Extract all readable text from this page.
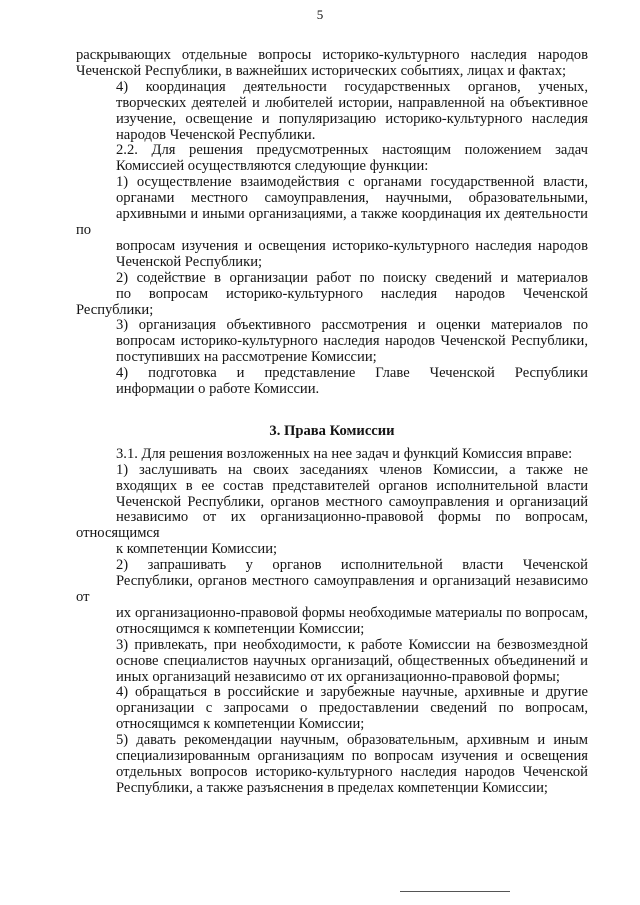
5
раскрывающих отдельные вопросы историко-культурного наследия народов
Чеченской Республики, в важнейших исторических событиях, лицах и фактах;
4) координация деятельности государственных органов, ученых,
творческих деятелей и любителей истории, направленной на объективное
изучение, освещение и популяризацию историко-культурного наследия
народов Чеченской Республики.
2.2. Для решения предусмотренных настоящим положением задач
Комиссией осуществляются следующие функции:
1) осуществление взаимодействия с органами государственной власти,
органами местного самоуправления, научными, образовательными,
архивными и иными организациями, а также координация их деятельности по
вопросам изучения и освещения историко-культурного наследия народов
Чеченской Республики;
2) содействие в организации работ по поиску сведений и материалов
по вопросам историко-культурного наследия народов Чеченской Республики;
3) организация объективного рассмотрения и оценки материалов по
вопросам историко-культурного наследия народов Чеченской Республики,
поступивших на рассмотрение Комиссии;
4) подготовка и представление Главе Чеченской Республики
информации о работе Комиссии.
3. Права Комиссии
3.1. Для решения возложенных на нее задач и функций Комиссия вправе:
1) заслушивать на своих заседаниях членов Комиссии, а также не
входящих в ее состав представителей органов исполнительной власти
Чеченской Республики, органов местного самоуправления и организаций
независимо от их организационно-правовой формы по вопросам, относящимся
к компетенции Комиссии;
2) запрашивать у органов исполнительной власти Чеченской
Республики, органов местного самоуправления и организаций независимо от
их организационно-правовой формы необходимые материалы по вопросам,
относящимся к компетенции Комиссии;
3) привлекать, при необходимости, к работе Комиссии на безвозмездной
основе специалистов научных организаций, общественных объединений и
иных организаций независимо от их организационно-правовой формы;
4) обращаться в российские и зарубежные научные, архивные и другие
организации с запросами о предоставлении сведений по вопросам,
относящимся к компетенции Комиссии;
5) давать рекомендации научным, образовательным, архивным и иным
специализированным организациям по вопросам изучения и освещения
отдельных вопросов историко-культурного наследия народов Чеченской
Республики, а также разъяснения в пределах компетенции Комиссии;
